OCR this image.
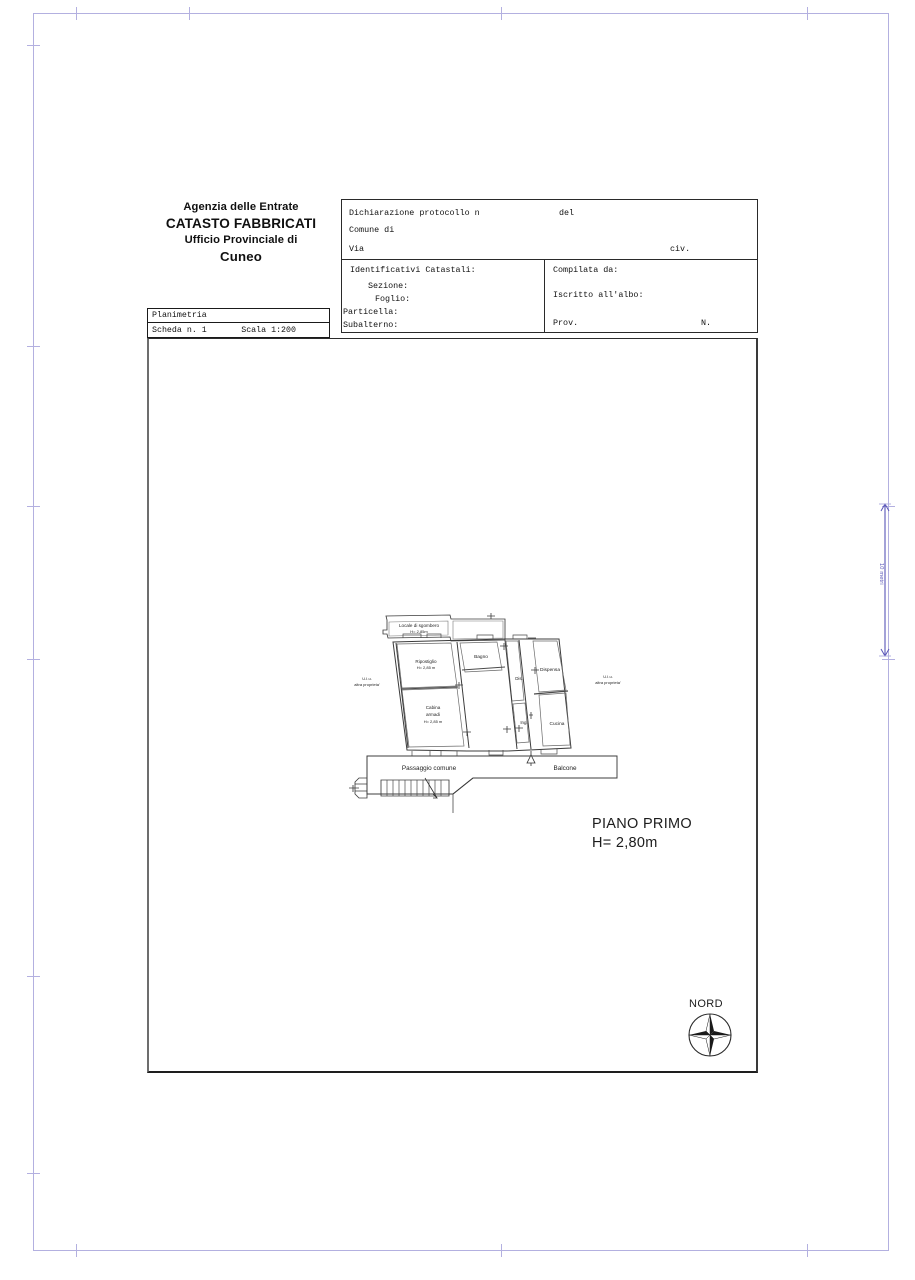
Agenzia delle Entrate
CATASTO FABBRICATI
Ufficio Provinciale di
Cuneo
Planimetria
Scheda n. 1	Scala 1:200
Dichiarazione protocollo n	del
Comune di
Via	civ.
Identificativi Catastali:
Sezione:
Foglio:
Particella:
Subalterno:
Compilata da:
Iscritto all'albo:
Prov.	N.
Locale di sgombero
H= 2,85m
Ripostiglio
H= 2,85 m
Cabina
armadi
H= 2,85 m
Bagno
Dis.
Dispensa
Ing.	Cucina
U.I.u.
altra proprieta'
U.I.u.
altra proprieta'
Passaggio comune	Balcone
PIANO PRIMO
H= 2,80m
NORD
10 metri
